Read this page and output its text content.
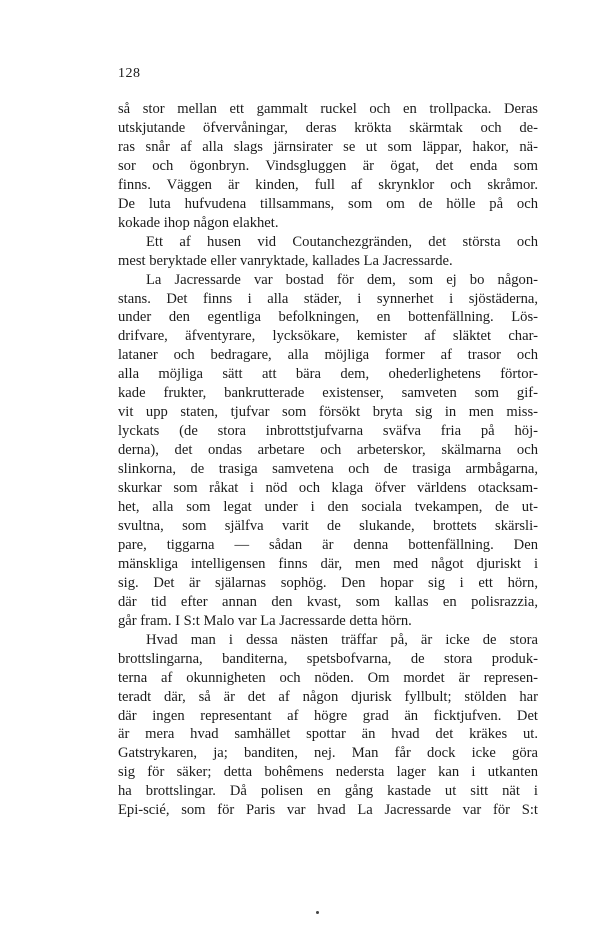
128
så stor mellan ett gammalt ruckel och en trollpacka. Deras
utskjutande öfvervåningar, deras krökta skärmtak och de-
ras snår af alla slags järnsirater se ut som läppar, hakor, nä-
sor och ögonbryn. Vindsgluggen är ögat, det enda som
finns. Väggen är kinden, full af skrynklor och skråmor.
De luta hufvudena tillsammans, som om de hölle på och
kokade ihop någon elakhet.
Ett af husen vid Coutanchezgränden, det största och
mest beryktade eller vanryktade, kallades La Jacressarde.
La Jacressarde var bostad för dem, som ej bo någon-
stans. Det finns i alla städer, i synnerhet i sjöstäderna,
under den egentliga befolkningen, en bottenfällning. Lös-
drifvare, äfventyrare, lycksökare, kemister af släktet char-
lataner och bedragare, alla möjliga former af trasor och
alla möjliga sätt att bära dem, ohederlighetens förtor-
kade frukter, bankrutterade existenser, samveten som gif-
vit upp staten, tjufvar som försökt bryta sig in men miss-
lyckats (de stora inbrottstjufvarna sväfva fria på höj-
derna), det ondas arbetare och arbeterskor, skälmarna och
slinkorna, de trasiga samvetena och de trasiga armbågarna,
skurkar som råkat i nöd och klaga öfver världens otacksam-
het, alla som legat under i den sociala tvekampen, de ut-
svultna, som själfva varit de slukande, brottets skärsli-
pare, tiggarna — sådan är denna bottenfällning. Den
mänskliga intelligensen finns där, men med något djuriskt i
sig. Det är själarnas sophög. Den hopar sig i ett hörn,
där tid efter annan den kvast, som kallas en polisrazzia,
går fram. I S:t Malo var La Jacressarde detta hörn.
Hvad man i dessa nästen träffar på, är icke de stora
brottslingarna, banditerna, spetsbofvarna, de stora produk-
terna af okunnigheten och nöden. Om mordet är represen-
teradt där, så är det af någon djurisk fyllbult; stölden har
där ingen representant af högre grad än ficktjufven. Det
är mera hvad samhället spottar än hvad det kräkes ut.
Gatstrykaren, ja; banditen, nej. Man får dock icke göra
sig för säker; detta bohêmens nedersta lager kan i utkanten
ha brottslingar. Då polisen en gång kastade ut sitt nät i
Epi-scié, som för Paris var hvad La Jacressarde var för S:t
